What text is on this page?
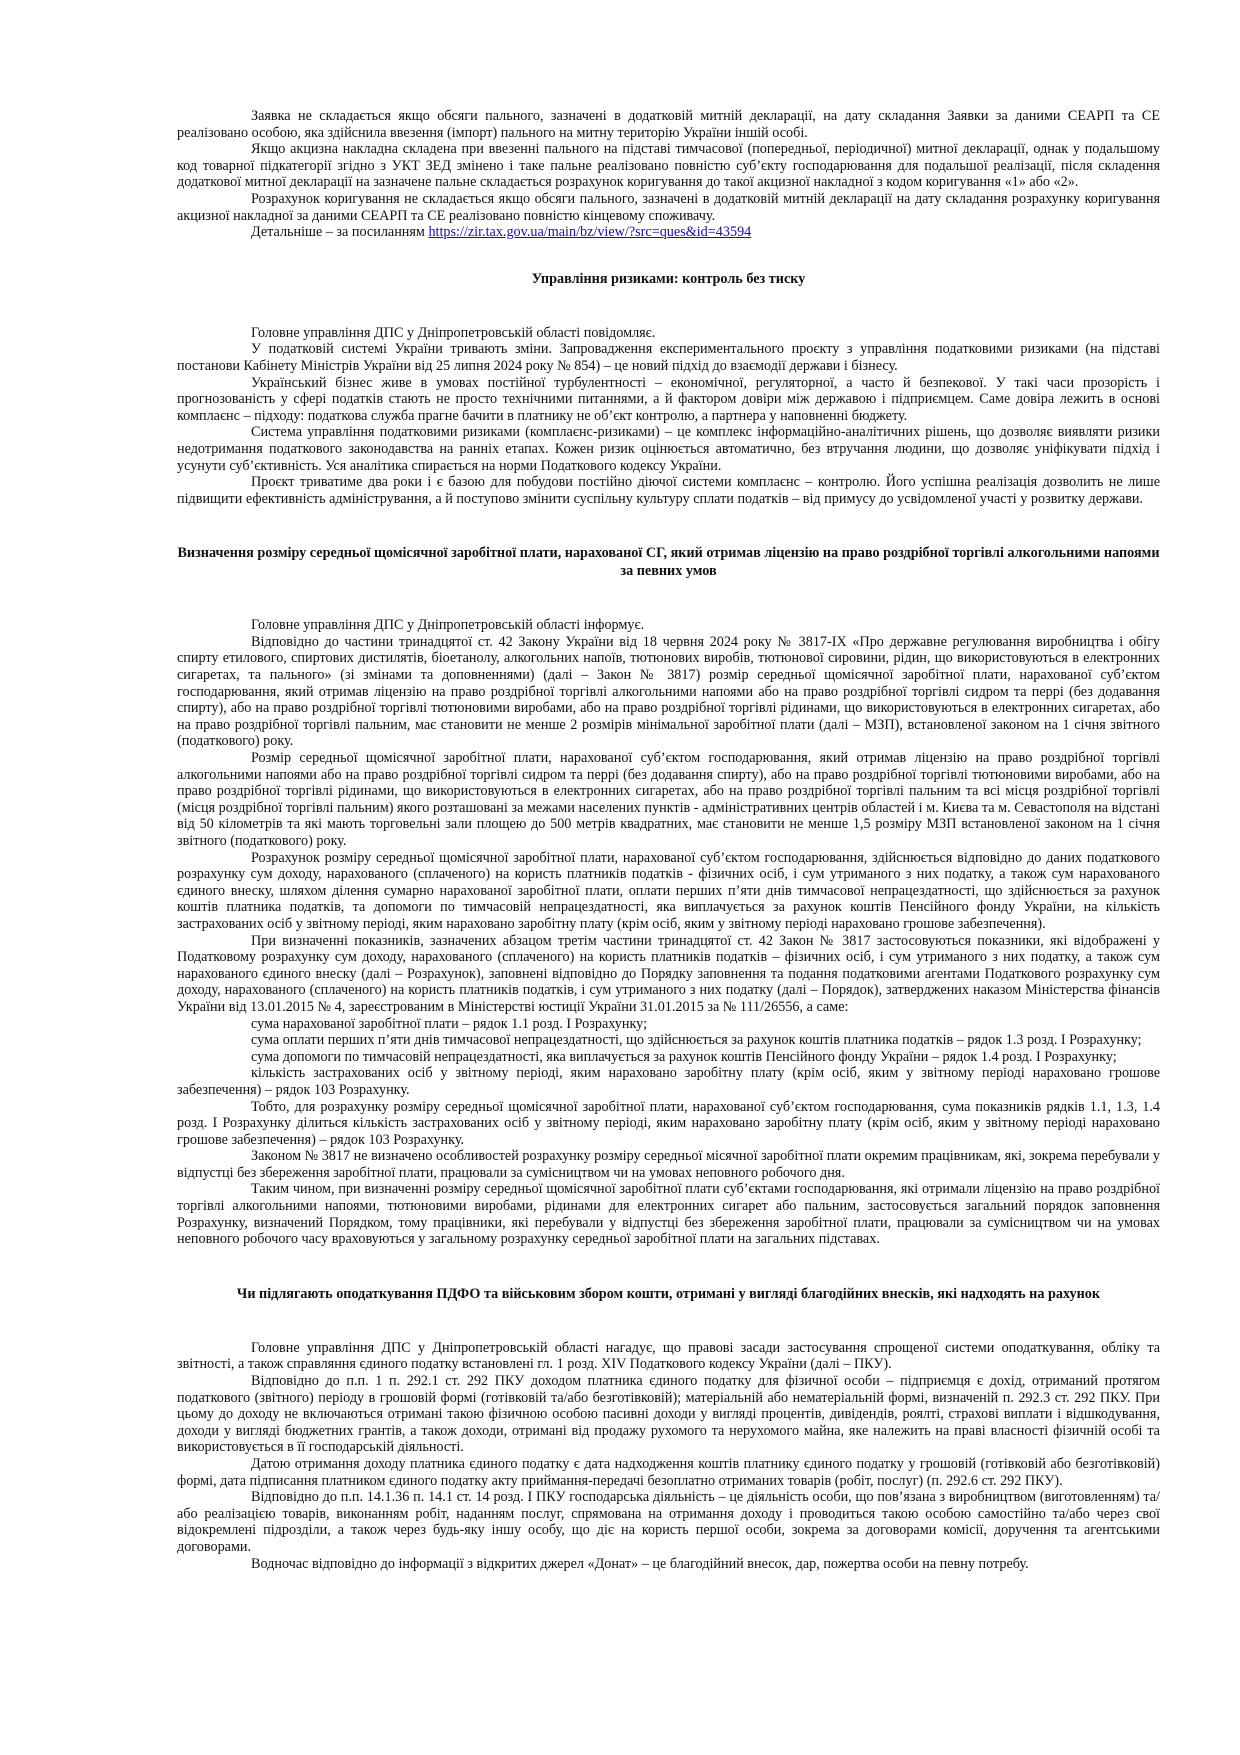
Заявка не складається якщо обсяги пального, зазначені в додатковій митній декларації, на дату складання Заявки за даними СЕАРП та СЕ реалізовано особою, яка здійснила ввезення (імпорт) пального на митну територію України іншій особі.

Якщо акцизна накладна складена при ввезенні пального на підставі тимчасової (попередньої, періодичної) митної декларації, однак у подальшому код товарної підкатегорії згідно з УКТ ЗЕД змінено і таке пальне реалізовано повністю суб’єкту господарювання для подальшої реалізації, після складення додаткової митної декларації на зазначене пальне складається розрахунок коригування до такої акцизної накладної з кодом коригування «1» або «2».

Розрахунок коригування не складається якщо обсяги пального, зазначені в додатковій митній декларації на дату складання розрахунку коригування акцизної накладної за даними СЕАРП та СЕ реалізовано повністю кінцевому споживачу.

Детальніше – за посиланням https://zir.tax.gov.ua/main/bz/view/?src=ques&id=43594

Управління ризиками: контроль без тиску

Головне управління ДПС у Дніпропетровській області повідомляє.

У податковій системі України тривають зміни. Запровадження експериментального проєкту з управління податковими ризиками (на підставі постанови Кабінету Міністрів України від 25 липня 2024 року № 854) – це новий підхід до взаємодії держави і бізнесу.

Український бізнес живе в умовах постійної турбулентності – економічної, регуляторної, а часто й безпекової. У такі часи прозорість і прогнозованість у сфері податків стають не просто технічними питаннями, а й фактором довіри між державою і підприємцем. Саме довіра лежить в основі комплаєнс – підходу: податкова служба прагне бачити в платнику не об’єкт контролю, а партнера у наповненні бюджету.

Система управління податковими ризиками (комплаєнс-ризиками) – це комплекс інформаційно-аналітичних рішень, що дозволяє виявляти ризики недотримання податкового законодавства на ранніх етапах. Кожен ризик оцінюється автоматично, без втручання людини, що дозволяє уніфікувати підхід і усунути суб’єктивність. Уся аналітика спирається на норми Податкового кодексу України.

Проєкт триватиме два роки і є базою для побудови постійно діючої системи комплаєнс – контролю. Його успішна реалізація дозволить не лише підвищити ефективність адміністрування, а й поступово змінити суспільну культуру сплати податків – від примусу до усвідомленої участі у розвитку держави.

Визначення розміру середньої щомісячної заробітної плати, нарахованої СГ, який отримав ліцензію на право роздрібної торгівлі алкогольними напоями за певних умов

Головне управління ДПС у Дніпропетровській області інформує.

Відповідно до частини тринадцятої ст. 42 Закону України від 18 червня 2024 року № 3817-IX «Про державне регулювання виробництва і обігу спирту етилового, спиртових дистилятів, біоетанолу, алкогольних напоїв, тютюнових виробів, тютюнової сировини, рідин, що використовуються в електронних сигаретах, та пального» (зі змінами та доповненнями) (далі – Закон № 3817) розмір середньої щомісячної заробітної плати, нарахованої суб’єктом господарювання, який отримав ліцензію на право роздрібної торгівлі алкогольними напоями або на право роздрібної торгівлі сидром та перрі (без додавання спирту), або на право роздрібної торгівлі тютюновими виробами, або на право роздрібної торгівлі рідинами, що використовуються в електронних сигаретах, або на право роздрібної торгівлі пальним, має становити не менше 2 розмірів мінімальної заробітної плати (далі – МЗП), встановленої законом на 1 січня звітного (податкового) року.

Розмір середньої щомісячної заробітної плати, нарахованої суб’єктом господарювання, який отримав ліцензію на право роздрібної торгівлі алкогольними напоями або на право роздрібної торгівлі сидром та перрі (без додавання спирту), або на право роздрібної торгівлі тютюновими виробами, або на право роздрібної торгівлі рідинами, що використовуються в електронних сигаретах, або на право роздрібної торгівлі пальним та всі місця роздрібної торгівлі (місця роздрібної торгівлі пальним) якого розташовані за межами населених пунктів - адміністративних центрів областей і м. Києва та м. Севастополя на відстані від 50 кілометрів та які мають торговельні зали площею до 500 метрів квадратних, має становити не менше 1,5 розміру МЗП встановленої законом на 1 січня звітного (податкового) року.

Розрахунок розміру середньої щомісячної заробітної плати, нарахованої суб’єктом господарювання, здійснюється відповідно до даних податкового розрахунку сум доходу, нарахованого (сплаченого) на користь платників податків - фізичних осіб, і сум утриманого з них податку, а також сум нарахованого єдиного внеску, шляхом ділення сумарно нарахованої заробітної плати, оплати перших п’яти днів тимчасової непрацездатності, що здійснюється за рахунок коштів платника податків, та допомоги по тимчасовій непрацездатності, яка виплачується за рахунок коштів Пенсійного фонду України, на кількість застрахованих осіб у звітному періоді, яким нараховано заробітну плату (крім осіб, яким у звітному періоді нараховано грошове забезпечення).

При визначенні показників, зазначених абзацом третім частини тринадцятої ст. 42 Закон № 3817 застосовуються показники, які відображені у Податковому розрахунку сум доходу, нарахованого (сплаченого) на користь платників податків – фізичних осіб, і сум утриманого з них податку, а також сум нарахованого єдиного внеску (далі – Розрахунок), заповнені відповідно до Порядку заповнення та подання податковими агентами Податкового розрахунку сум доходу, нарахованого (сплаченого) на користь платників податків, і сум утриманого з них податку (далі – Порядок), затверджених наказом Міністерства фінансів України від 13.01.2015 № 4, зареєстрованим в Міністерстві юстиції України 31.01.2015 за № 111/26556, а саме:

сума нарахованої заробітної плати – рядок 1.1 розд. I Розрахунку;

сума оплати перших п’яти днів тимчасової непрацездатності, що здійснюється за рахунок коштів платника податків – рядок 1.3 розд. I Розрахунку;

сума допомоги по тимчасовій непрацездатності, яка виплачується за рахунок коштів Пенсійного фонду України – рядок 1.4 розд. I Розрахунку;

кількість застрахованих осіб у звітному періоді, яким нараховано заробітну плату (крім осіб, яким у звітному періоді нараховано грошове забезпечення) – рядок 103 Розрахунку.

Тобто, для розрахунку розміру середньої щомісячної заробітної плати, нарахованої суб’єктом господарювання, сума показників рядків 1.1, 1.3, 1.4 розд. I Розрахунку ділиться кількість застрахованих осіб у звітному періоді, яким нараховано заробітну плату (крім осіб, яким у звітному періоді нараховано грошове забезпечення) – рядок 103 Розрахунку.

Законом № 3817 не визначено особливостей розрахунку розміру середньої місячної заробітної плати окремим працівникам, які, зокрема перебували у відпустці без збереження заробітної плати, працювали за сумісництвом чи на умовах неповного робочого дня.

Таким чином, при визначенні розміру середньої щомісячної заробітної плати суб’єктами господарювання, які отримали ліцензію на право роздрібної торгівлі алкогольними напоями, тютюновими виробами, рідинами для електронних сигарет або пальним, застосовується загальний порядок заповнення Розрахунку, визначений Порядком, тому працівники, які перебували у відпустці без збереження заробітної плати, працювали за сумісництвом чи на умовах неповного робочого часу враховуються у загальному розрахунку середньої заробітної плати на загальних підставах.

Чи підлягають оподаткування ПДФО та військовим збором кошти, отримані у вигляді благодійних внесків, які надходять на рахунок

Головне управління ДПС у Дніпропетровській області нагадує, що правові засади застосування спрощеної системи оподаткування, обліку та звітності, а також справляння єдиного податку встановлені гл. 1 розд. XIV Податкового кодексу України (далі – ПКУ).

Відповідно до п.п. 1 п. 292.1 ст. 292 ПКУ доходом платника єдиного податку для фізичної особи – підприємця є дохід, отриманий протягом податкового (звітного) періоду в грошовій формі (готівковій та/або безготівковій); матеріальній або нематеріальній формі, визначеній п. 292.3 ст. 292 ПКУ. При цьому до доходу не включаються отримані такою фізичною особою пасивні доходи у вигляді процентів, дивідендів, роялті, страхові виплати і відшкодування, доходи у вигляді бюджетних грантів, а також доходи, отримані від продажу рухомого та нерухомого майна, яке належить на праві власності фізичній особі та використовується в її господарській діяльності.

Датою отримання доходу платника єдиного податку є дата надходження коштів платнику єдиного податку у грошовій (готівковій або безготівковій) формі, дата підписання платником єдиного податку акту приймання-передачі безоплатно отриманих товарів (робіт, послуг) (п. 292.6 ст. 292 ПКУ).

Відповідно до п.п. 14.1.36 п. 14.1 ст. 14 розд. I ПКУ господарська діяльність – це діяльність особи, що пов’язана з виробництвом (виготовленням) та/або реалізацією товарів, виконанням робіт, наданням послуг, спрямована на отримання доходу і проводиться такою особою самостійно та/або через свої відокремлені підрозділи, а також через будь-яку іншу особу, що діє на користь першої особи, зокрема за договорами комісії, доручення та агентськими договорами.

Водночас відповідно до інформації з відкритих джерел «Донат» – це благодійний внесок, дар, пожертва особи на певну потребу.
